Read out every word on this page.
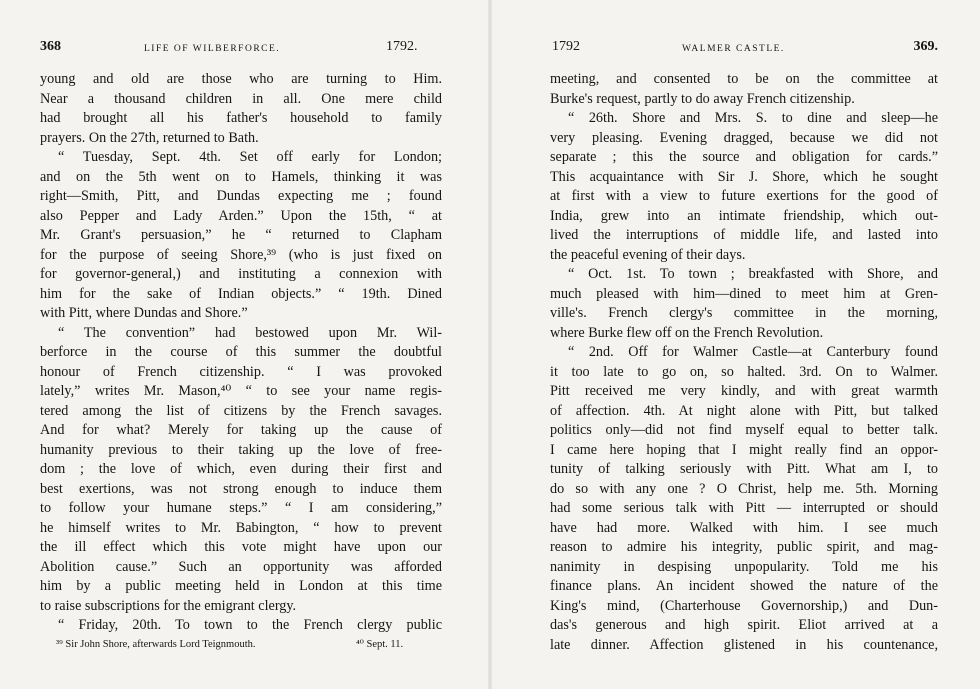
368	LIFE OF WILBERFORCE.	1792.
young and old are those who are turning to Him.
Near a thousand children in all. One mere child
had brought all his father's household to family
prayers. On the 27th, returned to Bath.
“ Tuesday, Sept. 4th. Set off early for London;
and on the 5th went on to Hamels, thinking it was
right—Smith, Pitt, and Dundas expecting me ; found
also Pepper and Lady Arden.” Upon the 15th, “ at
Mr. Grant's persuasion,” he “ returned to Clapham
for the purpose of seeing Shore,³⁹ (who is just fixed on
for governor-general,) and instituting a connexion with
him for the sake of Indian objects.” “ 19th. Dined
with Pitt, where Dundas and Shore.”
“ The convention” had bestowed upon Mr. Wil-
berforce in the course of this summer the doubtful
honour of French citizenship. “ I was provoked
lately,” writes Mr. Mason,⁴⁰ “ to see your name regis-
tered among the list of citizens by the French savages.
And for what? Merely for taking up the cause of
humanity previous to their taking up the love of free-
dom ; the love of which, even during their first and
best exertions, was not strong enough to induce them
to follow your humane steps.” “ I am considering,”
he himself writes to Mr. Babington, “ how to prevent
the ill effect which this vote might have upon our
Abolition cause.” Such an opportunity was afforded
him by a public meeting held in London at this time
to raise subscriptions for the emigrant clergy.
“ Friday, 20th. To town to the French clergy public
³⁹ Sir John Shore, afterwards Lord Teignmouth.	⁴⁰ Sept. 11.
1792	WALMER CASTLE.	369.
meeting, and consented to be on the committee at
Burke's request, partly to do away French citizenship.
“ 26th. Shore and Mrs. S. to dine and sleep—he
very pleasing. Evening dragged, because we did not
separate ; this the source and obligation for cards.”
This acquaintance with Sir J. Shore, which he sought
at first with a view to future exertions for the good of
India, grew into an intimate friendship, which out-
lived the interruptions of middle life, and lasted into
the peaceful evening of their days.
“ Oct. 1st. To town ; breakfasted with Shore, and
much pleased with him—dined to meet him at Gren-
ville's. French clergy's committee in the morning,
where Burke flew off on the French Revolution.
“ 2nd. Off for Walmer Castle—at Canterbury found
it too late to go on, so halted. 3rd. On to Walmer.
Pitt received me very kindly, and with great warmth
of affection. 4th. At night alone with Pitt, but talked
politics only—did not find myself equal to better talk.
I came here hoping that I might really find an oppor-
tunity of talking seriously with Pitt. What am I, to
do so with any one ? O Christ, help me. 5th. Morning
had some serious talk with Pitt — interrupted or should
have had more. Walked with him. I see much
reason to admire his integrity, public spirit, and mag-
nanimity in despising unpopularity. Told me his
finance plans. An incident showed the nature of the
King's mind, (Charterhouse Governorship,) and Dun-
das's generous and high spirit. Eliot arrived at a
late dinner. Affection glistened in his countenance,
